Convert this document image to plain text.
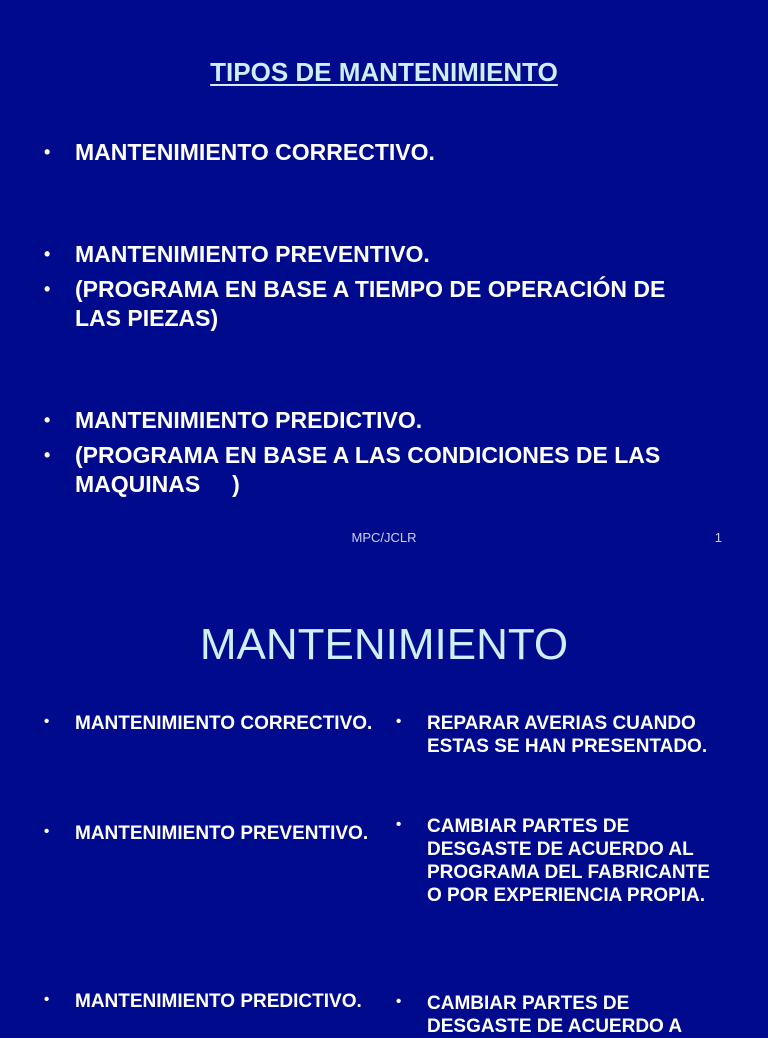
TIPOS DE MANTENIMIENTO
• MANTENIMIENTO CORRECTIVO.
• MANTENIMIENTO PREVENTIVO.
• (PROGRAMA EN BASE A TIEMPO DE OPERACIÓN DE LAS PIEZAS)
• MANTENIMIENTO PREDICTIVO.
• (PROGRAMA EN BASE A LAS CONDICIONES DE LAS MAQUINAS     )
MPC/JCLR	1
MANTENIMIENTO
• MANTENIMIENTO CORRECTIVO.
• MANTENIMIENTO PREVENTIVO.
• MANTENIMIENTO PREDICTIVO.
• REPARAR AVERIAS CUANDO ESTAS SE HAN PRESENTADO.
• CAMBIAR PARTES DE DESGASTE DE ACUERDO AL PROGRAMA DEL FABRICANTE O POR EXPERIENCIA PROPIA.
• CAMBIAR PARTES DE DESGASTE DE ACUERDO A
